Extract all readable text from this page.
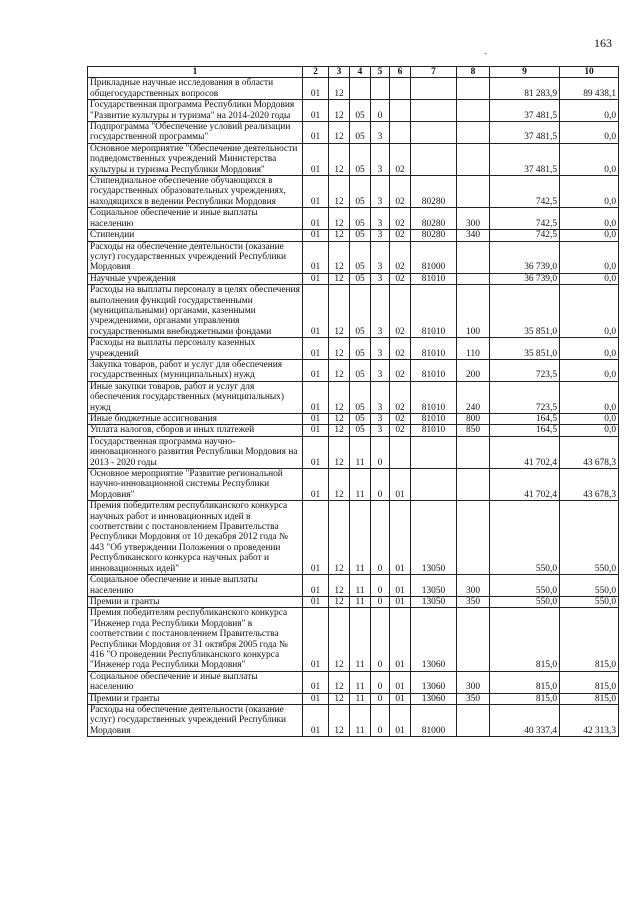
163
-
1	2	3	4	5	6	7	8	9	10
Прикладные научные исследования в области общегосударственных вопросов	01	12						81 283,9	89 438,1
Государственная программа Республики Мордовия "Развитие культуры и туризма" на 2014-2020 годы	01	12	05	0				37 481,5	0,0
Подпрограмма "Обеспечение условий реализации государственной программы"	01	12	05	3				37 481,5	0,0
Основное мероприятие "Обеспечение деятельности подведомственных учреждений Министерства культуры и туризма Республики Мордовия"	01	12	05	3	02			37 481,5	0,0
Стипендиальное обеспечение обучающихся в государственных образовательных учреждениях, находящихся в ведении Республики Мордовия	01	12	05	3	02	80280		742,5	0,0
Социальное обеспечение и иные выплаты населению	01	12	05	3	02	80280	300	742,5	0,0
Стипендии	01	12	05	3	02	80280	340	742,5	0,0
Расходы на обеспечение деятельности (оказание услуг) государственных учреждений Республики Мордовия	01	12	05	3	02	81000		36 739,0	0,0
Научные учреждения	01	12	05	3	02	81010		36 739,0	0,0
Расходы на выплаты персоналу в целях обеспечения выполнения функций государственными (муниципальными) органами, казенными учреждениями, органами управления государственными внебюджетными фондами	01	12	05	3	02	81010	100	35 851,0	0,0
Расходы на выплаты персоналу казенных учреждений	01	12	05	3	02	81010	110	35 851,0	0,0
Закупка товаров, работ и услуг для обеспечения государственных (муниципальных) нужд	01	12	05	3	02	81010	200	723,5	0,0
Иные закупки товаров, работ и услуг для обеспечения государственных (муниципальных) нужд	01	12	05	3	02	81010	240	723,5	0,0
Иные бюджетные ассигнования	01	12	05	3	02	81010	800	164,5	0,0
Уплата налогов, сборов и иных платежей	01	12	05	3	02	81010	850	164,5	0,0
Государственная программа научно-инновационного развития Республики Мордовия на 2013 - 2020 годы	01	12	11	0				41 702,4	43 678,3
Основное мероприятие "Развитие региональной научно-инновационной системы Республики Мордовия"	01	12	11	0	01			41 702,4	43 678,3
Премия победителям республиканского конкурса научных работ и инновационных идей в соответствии с постановлением Правительства Республики Мордовия от 10 декабря 2012 года № 443 "Об утверждении Положения о проведении Республиканского конкурса научных работ и инновационных идей"	01	12	11	0	01	13050		550,0	550,0
Социальное обеспечение и иные выплаты населению	01	12	11	0	01	13050	300	550,0	550,0
Премии и гранты	01	12	11	0	01	13050	350	550,0	550,0
Премия победителям республиканского конкурса "Инженер года Республики Мордовия" в соответствии с постановлением Правительства Республики Мордовия от 31 октября 2005 года № 416 "О проведении Республиканского конкурса "Инженер года Республики Мордовия"	01	12	11	0	01	13060		815,0	815,0
Социальное обеспечение и иные выплаты населению	01	12	11	0	01	13060	300	815,0	815,0
Премии и гранты	01	12	11	0	01	13060	350	815,0	815,0
Расходы на обеспечение деятельности (оказание услуг) государственных учреждений Республики Мордовия	01	12	11	0	01	81000		40 337,4	42 313,3
